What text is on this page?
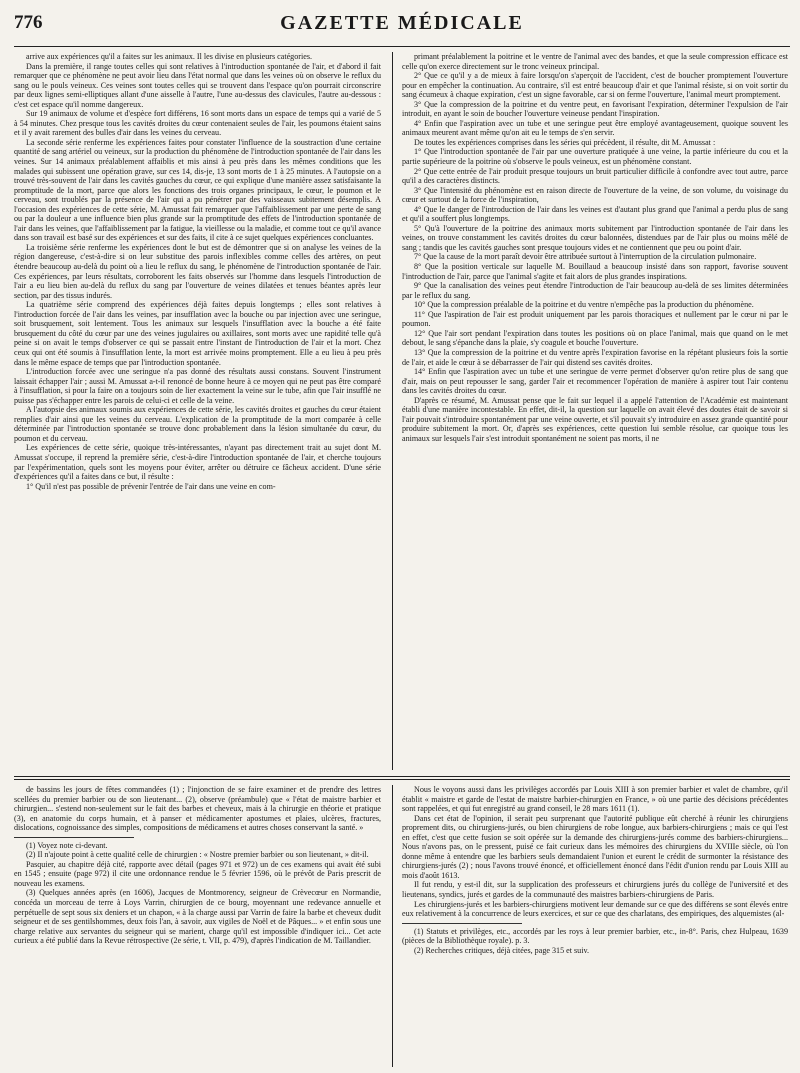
776	GAZETTE MÉDICALE

arrive aux expériences qu'il a faites sur les animaux. Il les divise en plusieurs catégories.

Dans la première, il range toutes celles qui sont relatives à l'introduction spontanée de l'air, et d'abord il fait remarquer que ce phénomène ne peut avoir lieu dans l'état normal que dans les veines où on observe le reflux du sang ou le pouls veineux. Ces veines sont toutes celles qui se trouvent dans l'espace qu'on pourrait circonscrire par deux lignes semi-elliptiques allant d'une aisselle à l'autre, l'une au-dessus des clavicules, l'autre au-dessous : c'est cet espace qu'il nomme dangereux.

Sur 19 animaux de volume et d'espèce fort différens, 16 sont morts dans un espace de temps qui a varié de 5 à 54 minutes. Chez presque tous les cavités droites du cœur contenaient seules de l'air, les poumons étaient sains et il y avait rarement des bulles d'air dans les veines du cerveau.

La seconde série renferme les expériences faites pour constater l'influence de la soustraction d'une certaine quantité de sang artériel ou veineux, sur la production du phénomène de l'introduction spontanée de l'air dans les veines. Sur 14 animaux préalablement affaiblis et mis ainsi à peu près dans les mêmes conditions que les malades qui subissent une opération grave, sur ces 14, dis-je, 13 sont morts de 1 à 25 minutes. A l'autopsie on a trouvé très-souvent de l'air dans les cavités gauches du cœur, ce qui explique d'une manière assez satisfaisante la promptitude de la mort, parce que alors les fonctions des trois organes principaux, le cœur, le poumon et le cerveau, sont troublés par la présence de l'air qui a pu pénétrer par des vaisseaux subitement désemplis. A l'occasion des expériences de cette série, M. Amussat fait remarquer que l'affaiblissement par une perte de sang ou par la douleur a une influence bien plus grande sur la promptitude des effets de l'introduction spontanée de l'air dans les veines, que l'affaiblissement par la fatigue, la vieillesse ou la maladie, et comme tout ce qu'il avance dans son travail est basé sur des expériences et sur des faits, il cite à ce sujet quelques expériences concluantes.

La troisième série renferme les expériences dont le but est de démontrer que si on analyse les veines de la région dangereuse, c'est-à-dire si on leur substitue des parois inflexibles comme celles des artères, on peut étendre beaucoup au-delà du point où a lieu le reflux du sang, le phénomène de l'introduction spontanée de l'air. Ces expériences, par leurs résultats, corroborent les faits observés sur l'homme dans lesquels l'introduction de l'air a eu lieu bien au-delà du reflux du sang par l'ouverture de veines dilatées et tenues béantes après leur section, par des tissus indurés.

La quatrième série comprend des expériences déjà faites depuis longtemps ; elles sont relatives à l'introduction forcée de l'air dans les veines, par insufflation avec la bouche ou par injection avec une seringue, soit brusquement, soit lentement. Tous les animaux sur lesquels l'insufflation avec la bouche a été faite brusquement du côté du cœur par une des veines jugulaires ou axillaires, sont morts avec une rapidité telle qu'à peine si on avait le temps d'observer ce qui se passait entre l'instant de l'introduction de l'air et la mort. Chez ceux qui ont été soumis à l'insufflation lente, la mort est arrivée moins promptement. Elle a eu lieu à peu près dans le même espace de temps que par l'introduction spontanée.

L'introduction forcée avec une seringue n'a pas donné des résultats aussi constans. Souvent l'instrument laissait échapper l'air ; aussi M. Amussat a-t-il renoncé de bonne heure à ce moyen qui ne peut pas être comparé à l'insufflation, si pour la faire on a toujours soin de lier exactement la veine sur le tube, afin que l'air insufflé ne puisse pas s'échapper entre les parois de celui-ci et celle de la veine.

A l'autopsie des animaux soumis aux expériences de cette série, les cavités droites et gauches du cœur étaient remplies d'air ainsi que les veines du cerveau. L'explication de la promptitude de la mort comparée à celle déterminée par l'introduction spontanée se trouve donc probablement dans la lésion simultanée du cœur, du poumon et du cerveau.

Les expériences de cette série, quoique très-intéressantes, n'ayant pas directement trait au sujet dont M. Amussat s'occupe, il reprend la première série, c'est-à-dire l'introduction spontanée de l'air, et cherche toujours par l'expérimentation, quels sont les moyens pour éviter, arrêter ou détruire ce fâcheux accident. D'une série d'expériences qu'il a faites dans ce but, il résulte :

1° Qu'il n'est pas possible de prévenir l'entrée de l'air dans une veine en com-

primant préalablement la poitrine et le ventre de l'animal avec des bandes, et que la seule compression efficace est celle qu'on exerce directement sur le tronc veineux principal.

2° Que ce qu'il y a de mieux à faire lorsqu'on s'aperçoit de l'accident, c'est de boucher promptement l'ouverture pour en empêcher la continuation. Au contraire, s'il est entré beaucoup d'air et que l'animal résiste, si on voit sortir du sang écumeux à chaque expiration, c'est un signe favorable, car si on ferme l'ouverture, l'animal meurt promptement.

3° Que la compression de la poitrine et du ventre peut, en favorisant l'expiration, déterminer l'expulsion de l'air introduit, en ayant le soin de boucher l'ouverture veineuse pendant l'inspiration.

4° Enfin que l'aspiration avec un tube et une seringue peut être employé avantageusement, quoique souvent les animaux meurent avant même qu'on ait eu le temps de s'en servir.

De toutes les expériences comprises dans les séries qui précèdent, il résulte, dit M. Amussat :

1° Que l'introduction spontanée de l'air par une ouverture pratiquée à une veine, la partie inférieure du cou et la partie supérieure de la poitrine où s'observe le pouls veineux, est un phénomène constant.

2° Que cette entrée de l'air produit presque toujours un bruit particulier difficile à confondre avec tout autre, parce qu'il a des caractères distincts.

3° Que l'intensité du phénomène est en raison directe de l'ouverture de la veine, de son volume, du voisinage du cœur et surtout de la force de l'inspiration,

4° Que le danger de l'introduction de l'air dans les veines est d'autant plus grand que l'animal a perdu plus de sang et qu'il a souffert plus longtemps.

5° Qu'à l'ouverture de la poitrine des animaux morts subitement par l'introduction spontanée de l'air dans les veines, on trouve constamment les cavités droites du cœur balonnées, distendues par de l'air plus ou moins mêlé de sang ; tandis que les cavités gauches sont presque toujours vides et ne contiennent que peu ou point d'air.

7° Que la cause de la mort paraît devoir être attribuée surtout à l'interruption de la circulation pulmonaire.

8° Que la position verticale sur laquelle M. Bouillaud a beaucoup insisté dans son rapport, favorise souvent l'introduction de l'air, parce que l'animal s'agite et fait alors de plus grandes inspirations.

9° Que la canalisation des veines peut étendre l'introduction de l'air beaucoup au-delà de ses limites déterminées par le reflux du sang.

10° Que la compression préalable de la poitrine et du ventre n'empêche pas la production du phénomène.

11° Que l'aspiration de l'air est produit uniquement par les parois thoraciques et nullement par le cœur ni par le poumon.

12° Que l'air sort pendant l'expiration dans toutes les positions où on place l'animal, mais que quand on le met debout, le sang s'épanche dans la plaie, s'y coagule et bouche l'ouverture.

13° Que la compression de la poitrine et du ventre après l'expiration favorise en la répétant plusieurs fois la sortie de l'air, et aide le cœur à se débarrasser de l'air qui distend ses cavités droites.

14° Enfin que l'aspiration avec un tube et une seringue de verre permet d'observer qu'on retire plus de sang que d'air, mais on peut repousser le sang, garder l'air et recommencer l'opération de manière à aspirer tout l'air contenu dans les cavités droites du cœur.

D'après ce résumé, M. Amussat pense que le fait sur lequel il a appelé l'attention de l'Académie est maintenant établi d'une manière incontestable. En effet, dit-il, la question sur laquelle on avait élevé des doutes était de savoir si l'air pouvait s'introduire spontanément par une veine ouverte, et s'il pouvait s'y introduire en assez grande quantité pour produire subitement la mort. Or, d'après ses expériences, cette question lui semble résolue, car quoique tous les animaux sur lesquels l'air s'est introduit spontanément ne soient pas morts, il ne

de bassins les jours de fêtes commandées (1) ; l'injonction de se faire examiner et de prendre des lettres scellées du premier barbier ou de son lieutenant... (2), observe (préambule) que « l'état de maistre barbier et chirurgien... s'estend non-seulement sur le fait des barbes et cheveux, mais à la chirurgie en théorie et pratique (3), en anatomie du corps humain, et à panser et médicamenter apostumes et plaies, ulcères, fractures, dislocations, cognoissance des simples, compositions de médicamens et autres choses conservant la santé. »

(1) Voyez note ci-devant.

(2) Il n'ajoute point à cette qualité celle de chirurgien : « Nostre premier barbier ou son lieutenant, » dit-il.

Pasquier, au chapitre déjà cité, rapporte avec détail (pages 971 et 972) un de ces examens qui avait été subi en 1545 ; ensuite (page 972) il cite une ordonnance rendue le 5 février 1596, où le prévôt de Paris prescrit de nouveau les examens.

(3) Quelques années après (en 1606), Jacques de Montmorency, seigneur de Crèvecœur en Normandie, concéda un morceau de terre à Loys Varrin, chirurgien de ce bourg, moyennant une redevance annuelle et perpétuelle de sept sous six deniers et un chapon, « à la charge aussi par Varrin de faire la barbe et cheveux dudit seigneur et de ses gentilshommes, deux fois l'an, à savoir, aux vigiles de Noël et de Pâques... » et enfin sous une charge relative aux servantes du seigneur qui se marient, charge qu'il est impossible d'indiquer ici... Cet acte curieux a été publié dans la Revue rétrospective (2e série, t. VII, p. 479), d'après l'indication de M. Taillandier.

Nous le voyons aussi dans les privilèges accordés par Louis XIII à son premier barbier et valet de chambre, qu'il établit « maistre et garde de l'estat de maistre barbier-chirurgien en France, » où une partie des décisions précédentes sont rappelées, et qui fut enregistré au grand conseil, le 28 mars 1611 (1).

Dans cet état de l'opinion, il serait peu surprenant que l'autorité publique eût cherché à réunir les chirurgiens proprement dits, ou chirurgiens-jurés, ou bien chirurgiens de robe longue, aux barbiers-chirurgiens ; mais ce qui l'est en effet, c'est que cette fusion se soit opérée sur la demande des chirurgiens-jurés comme des barbiers-chirurgiens... Nous n'avons pas, on le pressent, puisé ce fait curieux dans les mémoires des chirurgiens du XVIIIe siècle, où l'on donne même à entendre que les barbiers seuls demandaient l'union et eurent le crédit de surmonter la résistance des chirurgiens-jurés (2) ; nous l'avons trouvé énoncé, et officiellement énoncé dans l'édit d'union rendu par Louis XIII au mois d'août 1613.

Il fut rendu, y est-il dit, sur la supplication des professeurs et chirurgiens jurés du collège de l'université et des lieutenans, syndics, jurés et gardes de la communauté des maistres barbiers-chirurgiens de Paris.

Les chirurgiens-jurés et les barbiers-chirurgiens motivent leur demande sur ce que des différens se sont élevés entre eux relativement à la concurrence de leurs exercices, et sur ce que des charlatans, des empiriques, des alquemistes (al-

(1) Statuts et privilèges, etc., accordés par les roys à leur premier barbier, etc., in-8°. Paris, chez Hulpeau, 1639 (pièces de la Bibliothèque royale). p. 3.

(2) Recherches critiques, déjà citées, page 315 et suiv.
